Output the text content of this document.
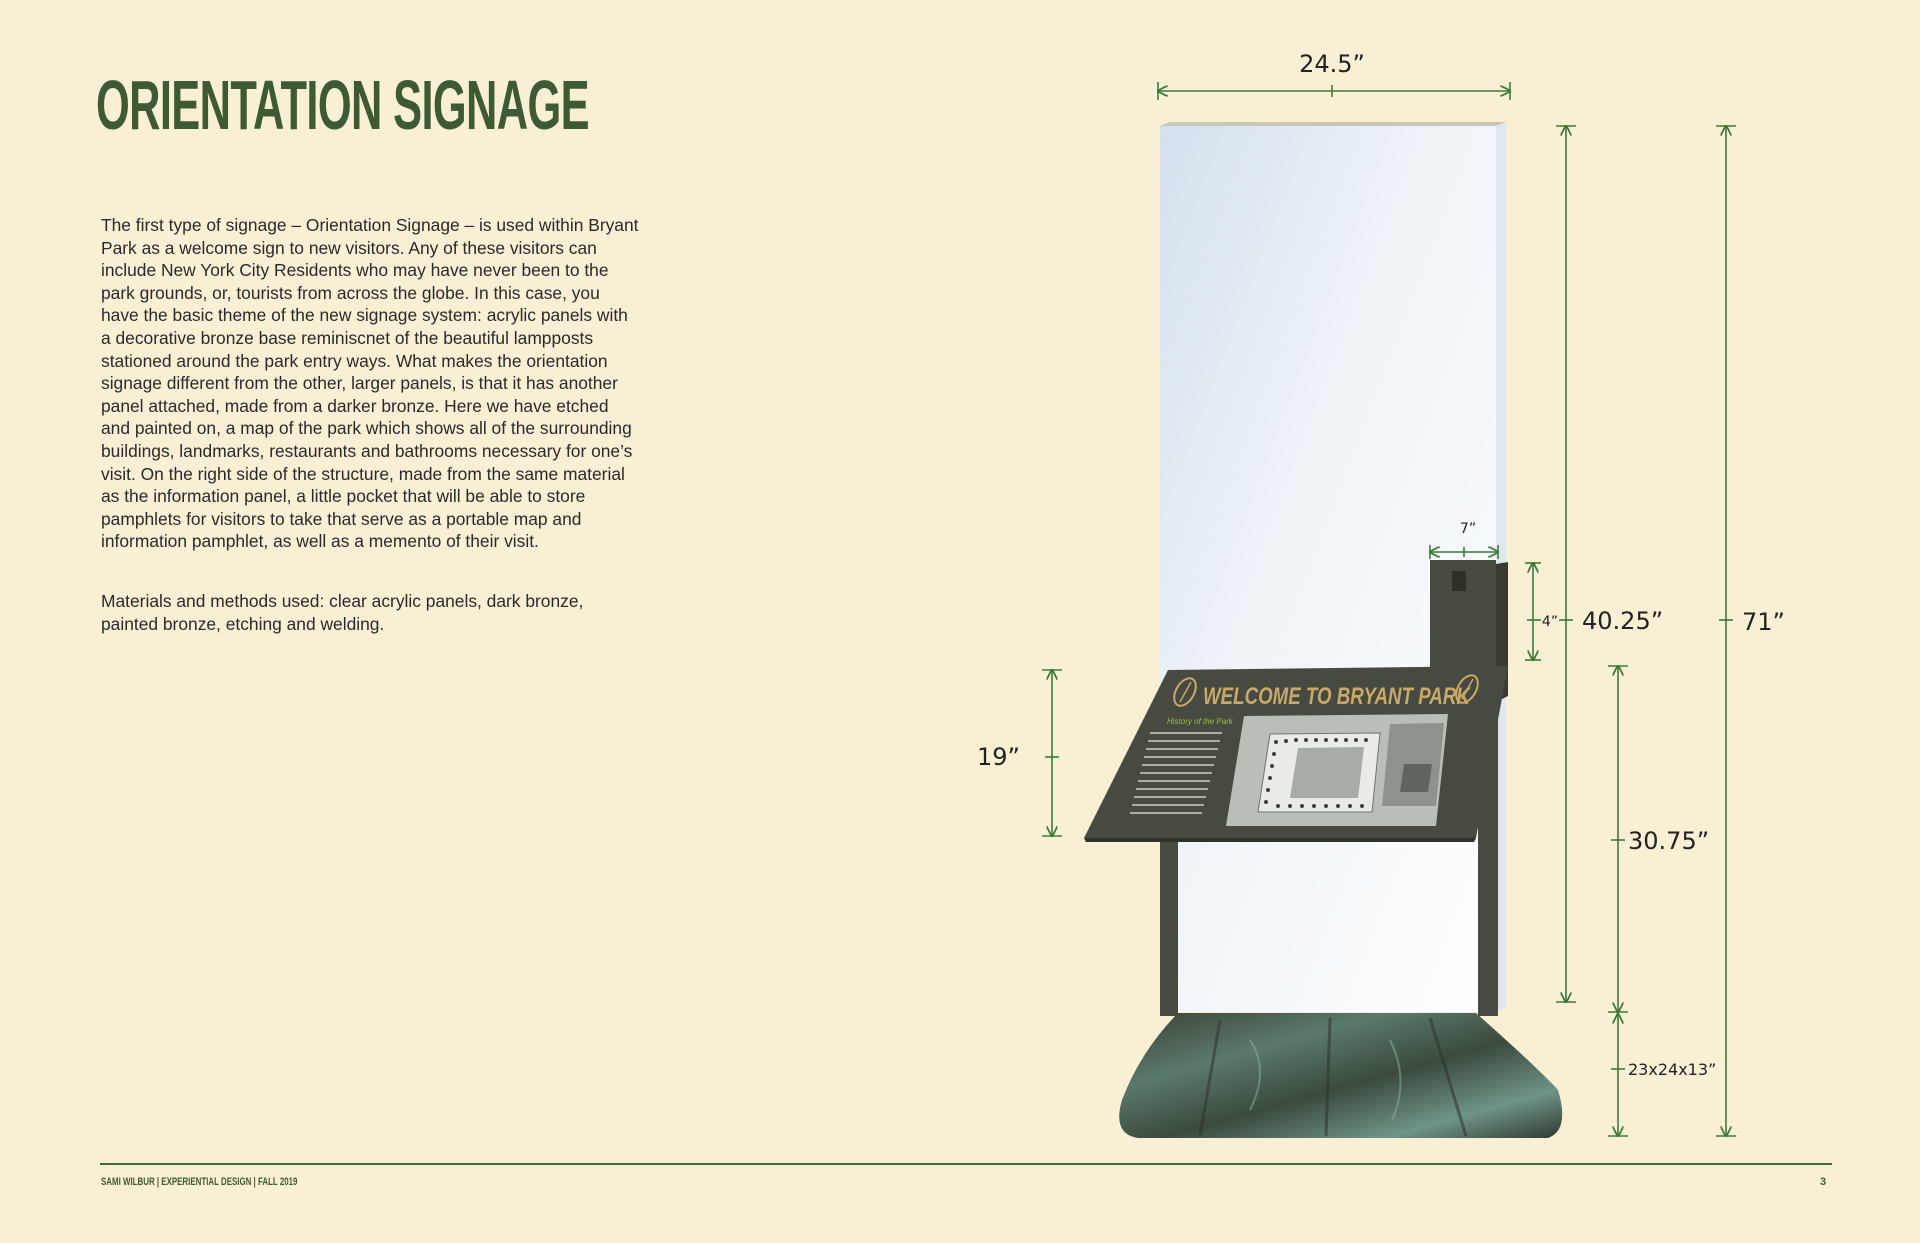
ORIENTATION SIGNAGE

The first type of signage – Orientation Signage – is used within Bryant Park as a welcome sign to new visitors. Any of these visitors can include New York City Residents who may have never been to the park grounds, or, tourists from across the globe. In this case, you have the basic theme of the new signage system: acrylic panels with a decorative bronze base reminiscnet of the beautiful lampposts stationed around the park entry ways. What makes the orientation signage different from the other, larger panels, is that it has another panel attached, made from a darker bronze. Here we have etched and painted on, a map of the park which shows all of the surrounding buildings, landmarks, restaurants and bathrooms necessary for one’s visit. On the right side of the structure, made from the same material as the information panel, a little pocket that will be able to store pamphlets for visitors to take that serve as a portable map and information pamphlet, as well as a memento of their visit.

Materials and methods used: clear acrylic panels, dark bronze, painted bronze, etching and welding.

WELCOME TO BRYANT PARK
History of the Park
24.5”
7”
4” 40.25”	71”
19”
30.75”
23x24x13”
SAMI WILBUR | EXPERIENTIAL DESIGN | FALL 2019	3
